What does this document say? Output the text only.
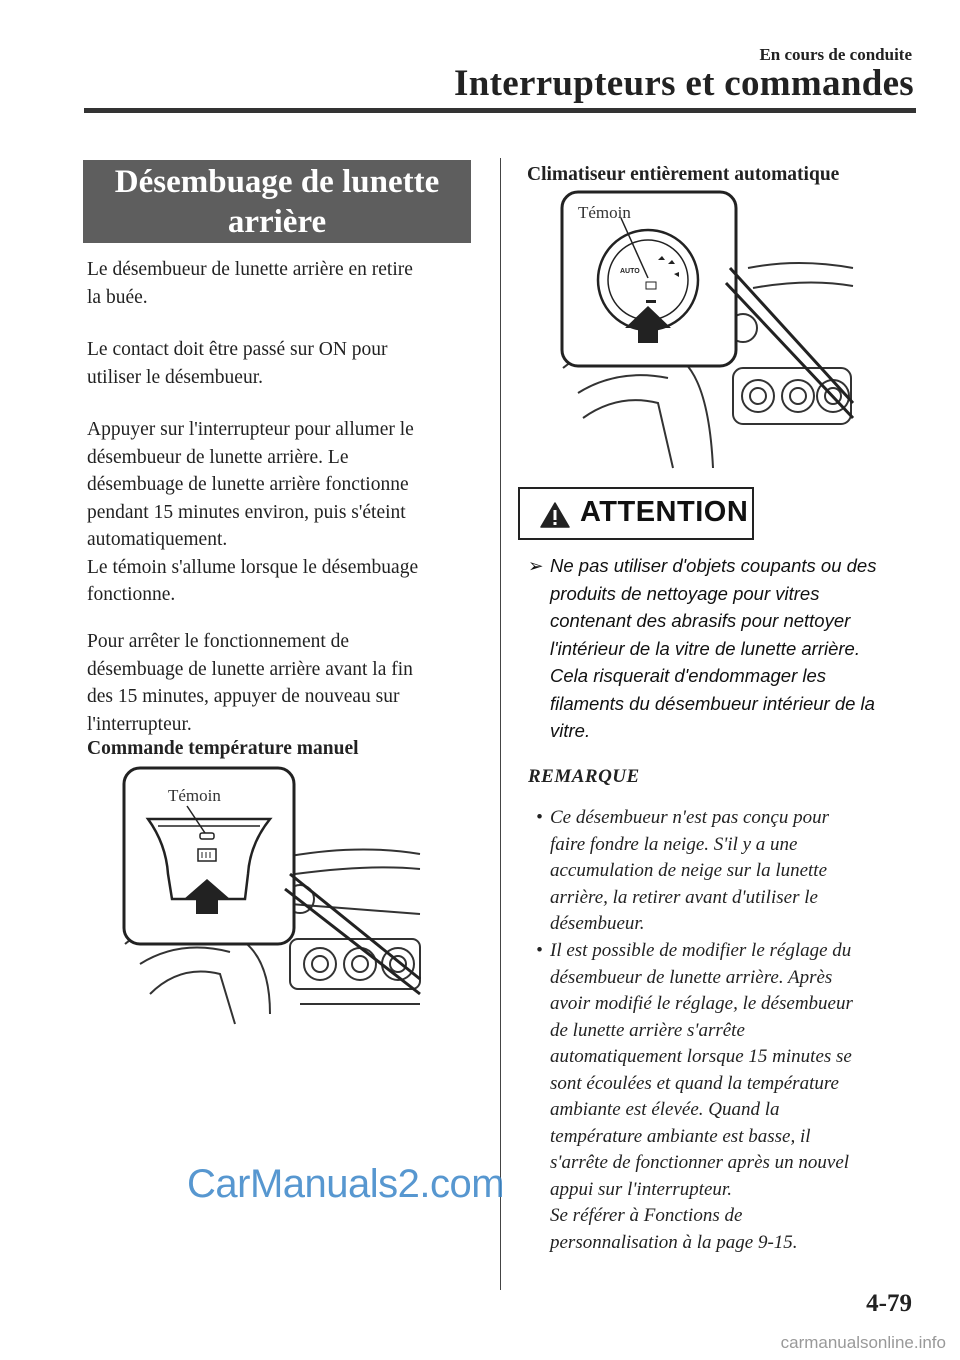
En cours de conduite
Interrupteurs et commandes
Désembuage de lunette
arrière
Le désembueur de lunette arrière en retire
la buée.
Le contact doit être passé sur ON pour
utiliser le désembueur.
Appuyer sur l'interrupteur pour allumer le
désembueur de lunette arrière. Le
désembuage de lunette arrière fonctionne
pendant 15 minutes environ, puis s'éteint
automatiquement.
Le témoin s'allume lorsque le désembuage
fonctionne.
Pour arrêter le fonctionnement de
désembuage de lunette arrière avant la fin
des 15 minutes, appuyer de nouveau sur
l'interrupteur.
Commande température manuel
Témoin
Climatiseur entièrement automatique
AUTO
Témoin
ATTENTION
➢ Ne pas utiliser d'objets coupants ou des
produits de nettoyage pour vitres
contenant des abrasifs pour nettoyer
l'intérieur de la vitre de lunette arrière.
Cela risquerait d'endommager les
filaments du désembueur intérieur de la
vitre.
REMARQUE
• Ce désembueur n'est pas conçu pour
faire fondre la neige. S'il y a une
accumulation de neige sur la lunette
arrière, la retirer avant d'utiliser le
désembueur.
• Il est possible de modifier le réglage du
désembueur de lunette arrière. Après
avoir modifié le réglage, le désembueur
de lunette arrière s'arrête
automatiquement lorsque 15 minutes se
sont écoulées et quand la température
ambiante est élevée. Quand la
température ambiante est basse, il
s'arrête de fonctionner après un nouvel
appui sur l'interrupteur.
Se référer à Fonctions de
personnalisation à la page 9-15.
CarManuals2.com
4-79
carmanualsonline.info
